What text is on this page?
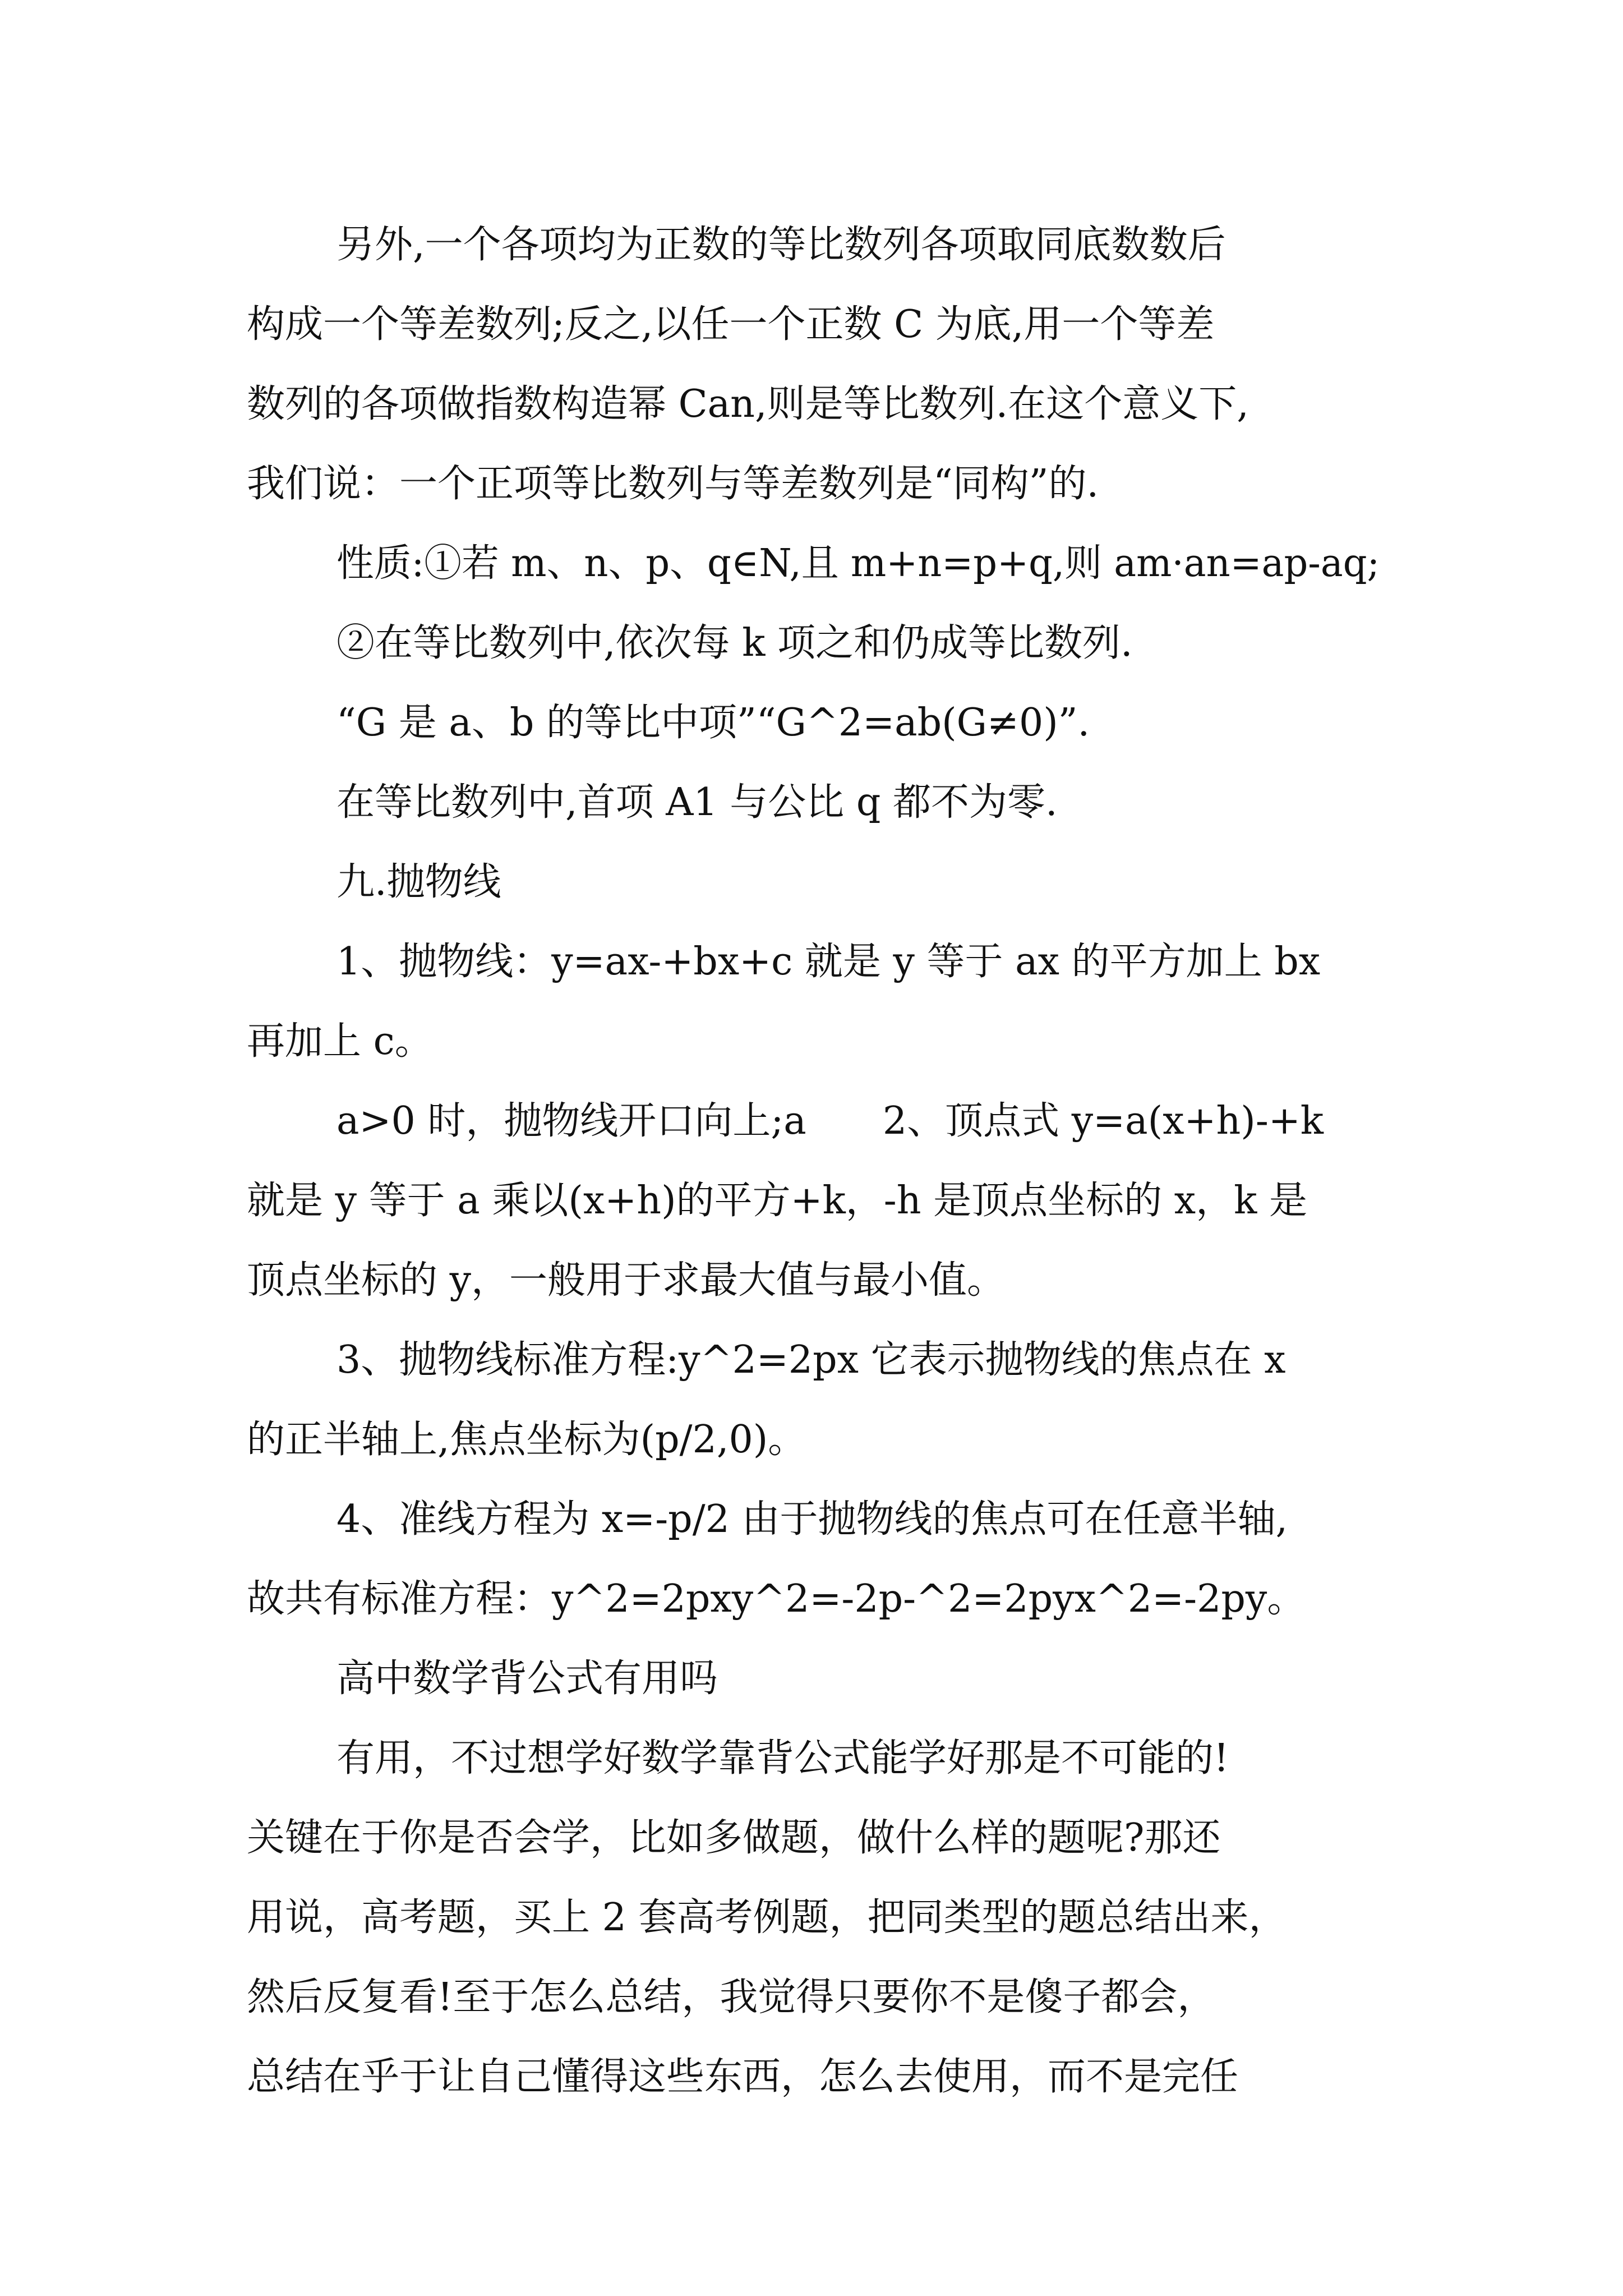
另外,一个各项均为正数的等比数列各项取同底数数后
构成一个等差数列;反之,以任一个正数 C 为底,用一个等差
数列的各项做指数构造幂 Can,则是等比数列.在这个意义下,
我们说：一个正项等比数列与等差数列是“同构”的.
性质:①若 m、n、p、q∈N,且 m+n=p+q,则 am·an=ap-aq;
②在等比数列中,依次每 k 项之和仍成等比数列.
“G 是 a、b 的等比中项”“G^2=ab(G≠0)”.
在等比数列中,首项 A1 与公比 q 都不为零.
九.抛物线
1、抛物线：y=ax-+bx+c 就是 y 等于 ax 的平方加上 bx
再加上 c。
a>0 时，抛物线开口向上;a　　2、顶点式 y=a(x+h)-+k
就是 y 等于 a 乘以(x+h)的平方+k，-h 是顶点坐标的 x，k 是
顶点坐标的 y，一般用于求最大值与最小值。
3、抛物线标准方程:y^2=2px 它表示抛物线的焦点在 x
的正半轴上,焦点坐标为(p/2,0)。
4、准线方程为 x=-p/2 由于抛物线的焦点可在任意半轴,
故共有标准方程：y^2=2pxy^2=-2p-^2=2pyx^2=-2py。
高中数学背公式有用吗
有用，不过想学好数学靠背公式能学好那是不可能的!
关键在于你是否会学，比如多做题，做什么样的题呢?那还
用说，高考题，买上 2 套高考例题，把同类型的题总结出来，
然后反复看!至于怎么总结，我觉得只要你不是傻子都会，
总结在乎于让自己懂得这些东西，怎么去使用，而不是完任
